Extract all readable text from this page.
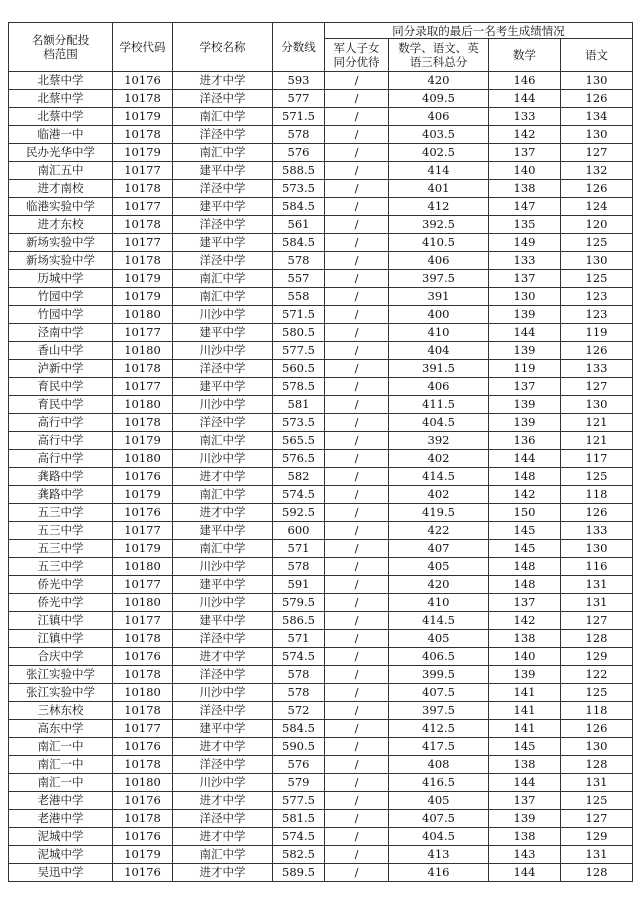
名额分配投档范围	学校代码	学校名称	分数线	同分录取的最后一名考生成绩情况			
				军人子女同分优待	数学、语文、英语三科总分	数学	语文
北蔡中学	10176	进才中学	593	/	420	146	130
北蔡中学	10178	洋泾中学	577	/	409.5	144	126
北蔡中学	10179	南汇中学	571.5	/	406	133	134
临港一中	10178	洋泾中学	578	/	403.5	142	130
民办光华中学	10179	南汇中学	576	/	402.5	137	127
南汇五中	10177	建平中学	588.5	/	414	140	132
进才南校	10178	洋泾中学	573.5	/	401	138	126
临港实验中学	10177	建平中学	584.5	/	412	147	124
进才东校	10178	洋泾中学	561	/	392.5	135	120
新场实验中学	10177	建平中学	584.5	/	410.5	149	125
新场实验中学	10178	洋泾中学	578	/	406	133	130
历城中学	10179	南汇中学	557	/	397.5	137	125
竹园中学	10179	南汇中学	558	/	391	130	123
竹园中学	10180	川沙中学	571.5	/	400	139	123
泾南中学	10177	建平中学	580.5	/	410	144	119
香山中学	10180	川沙中学	577.5	/	404	139	126
泸新中学	10178	洋泾中学	560.5	/	391.5	119	133
育民中学	10177	建平中学	578.5	/	406	137	127
育民中学	10180	川沙中学	581	/	411.5	139	130
高行中学	10178	洋泾中学	573.5	/	404.5	139	121
高行中学	10179	南汇中学	565.5	/	392	136	121
高行中学	10180	川沙中学	576.5	/	402	144	117
龚路中学	10176	进才中学	582	/	414.5	148	125
龚路中学	10179	南汇中学	574.5	/	402	142	118
五三中学	10176	进才中学	592.5	/	419.5	150	126
五三中学	10177	建平中学	600	/	422	145	133
五三中学	10179	南汇中学	571	/	407	145	130
五三中学	10180	川沙中学	578	/	405	148	116
侨光中学	10177	建平中学	591	/	420	148	131
侨光中学	10180	川沙中学	579.5	/	410	137	131
江镇中学	10177	建平中学	586.5	/	414.5	142	127
江镇中学	10178	洋泾中学	571	/	405	138	128
合庆中学	10176	进才中学	574.5	/	406.5	140	129
张江实验中学	10178	洋泾中学	578	/	399.5	139	122
张江实验中学	10180	川沙中学	578	/	407.5	141	125
三林东校	10178	洋泾中学	572	/	397.5	141	118
高东中学	10177	建平中学	584.5	/	412.5	141	126
南汇一中	10176	进才中学	590.5	/	417.5	145	130
南汇一中	10178	洋泾中学	576	/	408	138	128
南汇一中	10180	川沙中学	579	/	416.5	144	131
老港中学	10176	进才中学	577.5	/	405	137	125
老港中学	10178	洋泾中学	581.5	/	407.5	139	127
泥城中学	10176	进才中学	574.5	/	404.5	138	129
泥城中学	10179	南汇中学	582.5	/	413	143	131
吴迅中学	10176	进才中学	589.5	/	416	144	128
